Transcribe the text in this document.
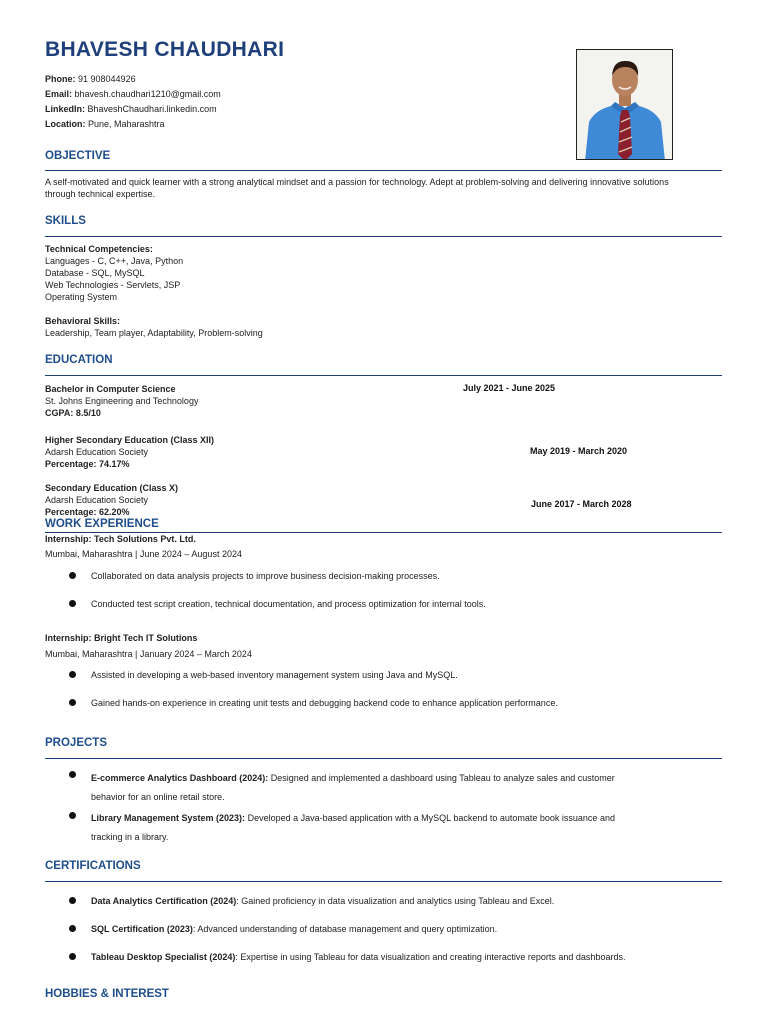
BHAVESH CHAUDHARI
Phone: 91 908044926
Email: bhavesh.chaudhari1210@gmail.com
LinkedIn: BhaveshChaudhari.linkedin.com
Location: Pune, Maharashtra
OBJECTIVE
A self-motivated and quick learner with a strong analytical mindset and a passion for technology. Adept at problem-solving and delivering innovative solutions
through technical expertise.
SKILLS
Technical Competencies:
Languages - C, C++, Java, Python
Database - SQL, MySQL
Web Technologies - Servlets, JSP
Operating System
Behavioral Skills:
Leadership, Team player, Adaptability, Problem-solving
EDUCATION
Bachelor in Computer Science
St. Johns Engineering and Technology
CGPA: 8.5/10
July 2021 - June 2025
Higher Secondary Education (Class XII)
Adarsh Education Society
Percentage: 74.17%
May 2019 - March 2020
Secondary Education (Class X)
Adarsh Education Society
Percentage: 62.20%
June 2017 - March 2028
WORK EXPERIENCE
Internship: Tech Solutions Pvt. Ltd.
Mumbai, Maharashtra | June 2024 – August 2024
Collaborated on data analysis projects to improve business decision-making processes.
Conducted test script creation, technical documentation, and process optimization for internal tools.
Internship: Bright Tech IT Solutions
Mumbai, Maharashtra | January 2024 – March 2024
Assisted in developing a web-based inventory management system using Java and MySQL.
Gained hands-on experience in creating unit tests and debugging backend code to enhance application performance.
PROJECTS
E-commerce Analytics Dashboard (2024): Designed and implemented a dashboard using Tableau to analyze sales and customer
behavior for an online retail store.
Library Management System (2023): Developed a Java-based application with a MySQL backend to automate book issuance and
tracking in a library.
CERTIFICATIONS
Data Analytics Certification (2024): Gained proficiency in data visualization and analytics using Tableau and Excel.
SQL Certification (2023): Advanced understanding of database management and query optimization.
Tableau Desktop Specialist (2024): Expertise in using Tableau for data visualization and creating interactive reports and dashboards.
HOBBIES & INTEREST
